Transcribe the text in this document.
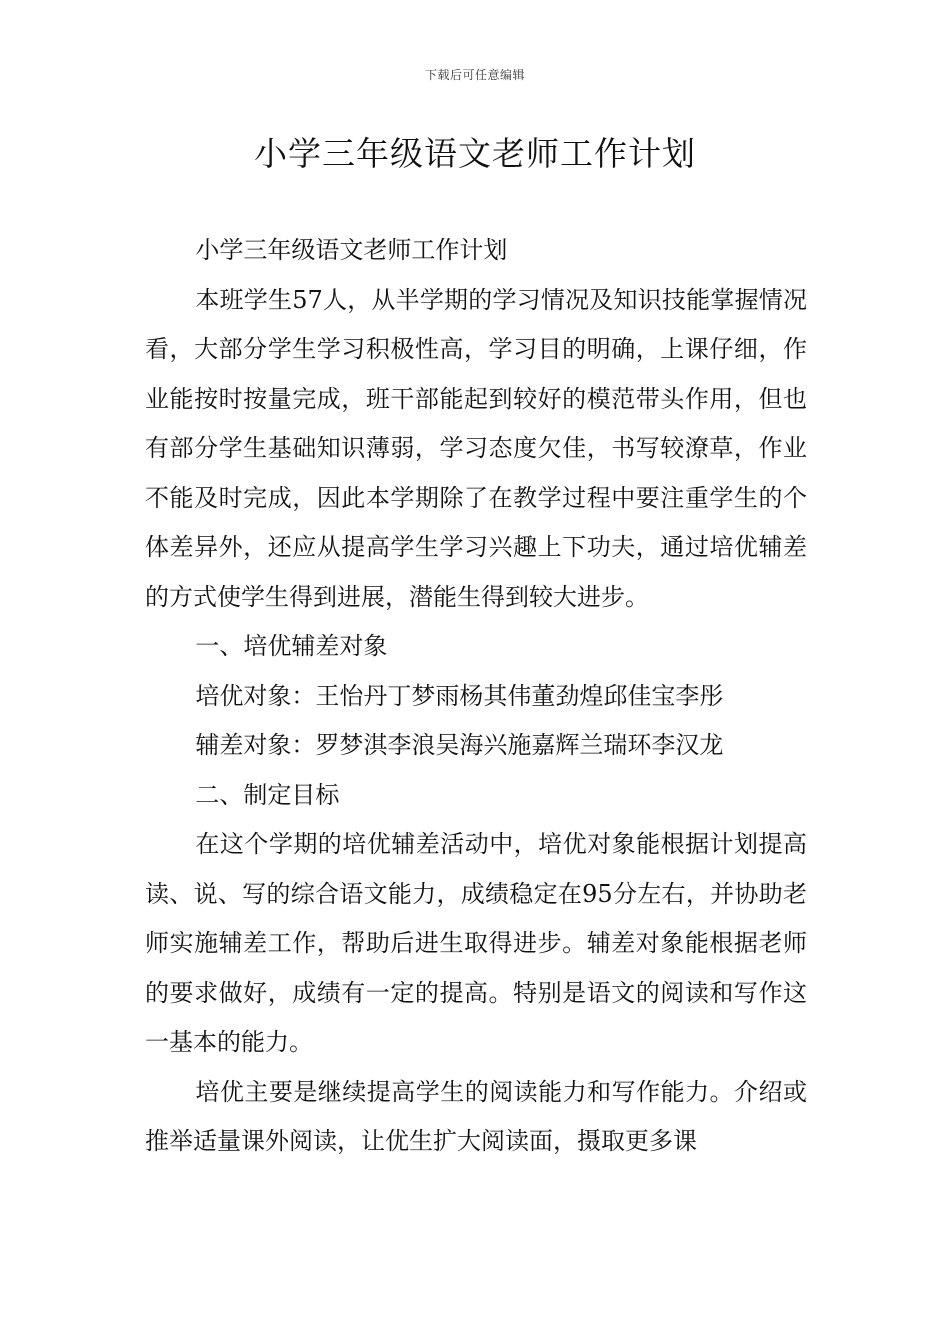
下载后可任意编辑
小学三年级语文老师工作计划

小学三年级语文老师工作计划

本班学生57人，从半学期的学习情况及知识技能掌握情况看，大部分学生学习积极性高，学习目的明确，上课仔细，作业能按时按量完成，班干部能起到较好的模范带头作用，但也有部分学生基础知识薄弱，学习态度欠佳，书写较潦草，作业不能及时完成，因此本学期除了在教学过程中要注重学生的个体差异外，还应从提高学生学习兴趣上下功夫，通过培优辅差的方式使学生得到进展，潜能生得到较大进步。

一、培优辅差对象

培优对象：王怡丹丁梦雨杨其伟董劲煌邱佳宝李彤

辅差对象：罗梦淇李浪吴海兴施嘉辉兰瑞环李汉龙

二、制定目标

在这个学期的培优辅差活动中，培优对象能根据计划提高读、说、写的综合语文能力，成绩稳定在95分左右，并协助老师实施辅差工作，帮助后进生取得进步。辅差对象能根据老师的要求做好，成绩有一定的提高。特别是语文的阅读和写作这一基本的能力。

培优主要是继续提高学生的阅读能力和写作能力。介绍或推举适量课外阅读，让优生扩大阅读面，摄取更多课
